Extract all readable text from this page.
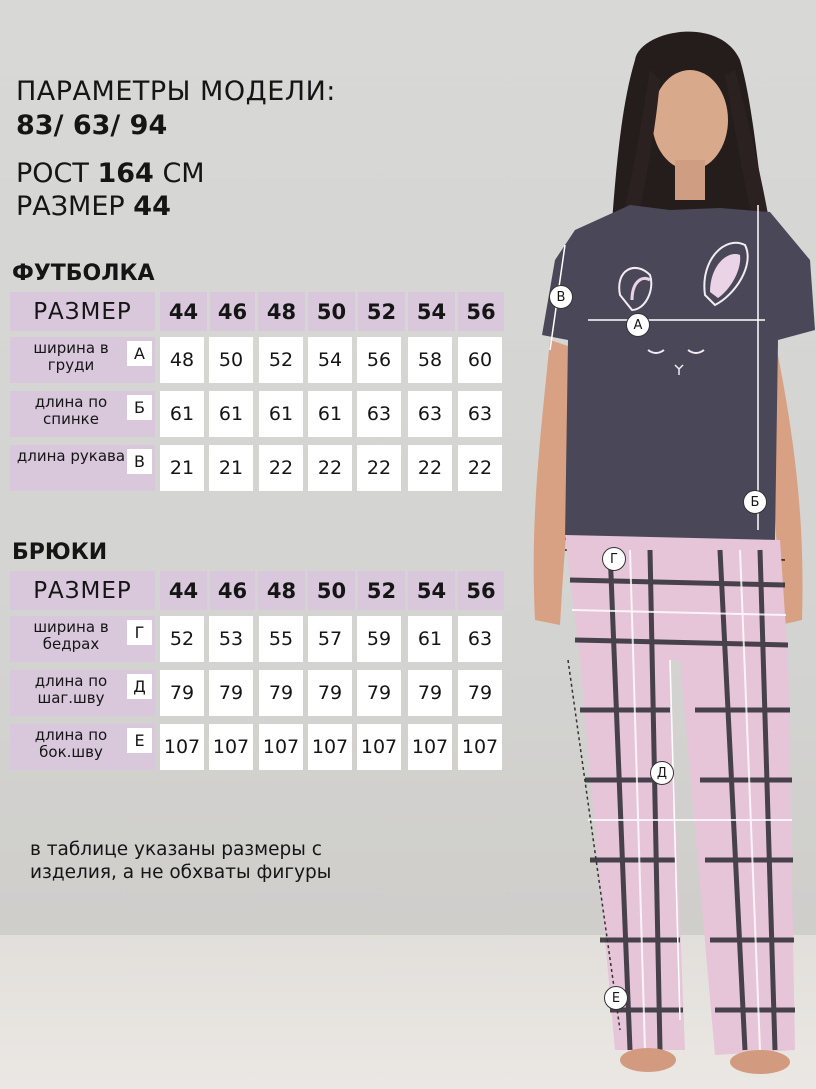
ПАРАМЕТРЫ МОДЕЛИ:
83/ 63/ 94
РОСТ 164 СМ
РАЗМЕР 44
ФУТБОЛКА
РАЗМЕР	44 46 48 50 52 54 56
ширина в груди
А	48	50	52	54	56	58	60
длина по спинке
Б	61	61	61	61	63	63	63
длина рукава В	21	21	22	22	22	22	22
БРЮКИ
РАЗМЕР	44 46 48 50 52 54 56
ширина в бедрах
Г	52	53	55	57	59	61	63
длина по шаг.шву
Д	79	79	79	79	79	79	79
длина по бок.шву
Е	107 107 107 107 107 107 107
в таблице указаны размеры с изделия, а не обхваты фигуры
В
А
Б
Г
Д
Е
